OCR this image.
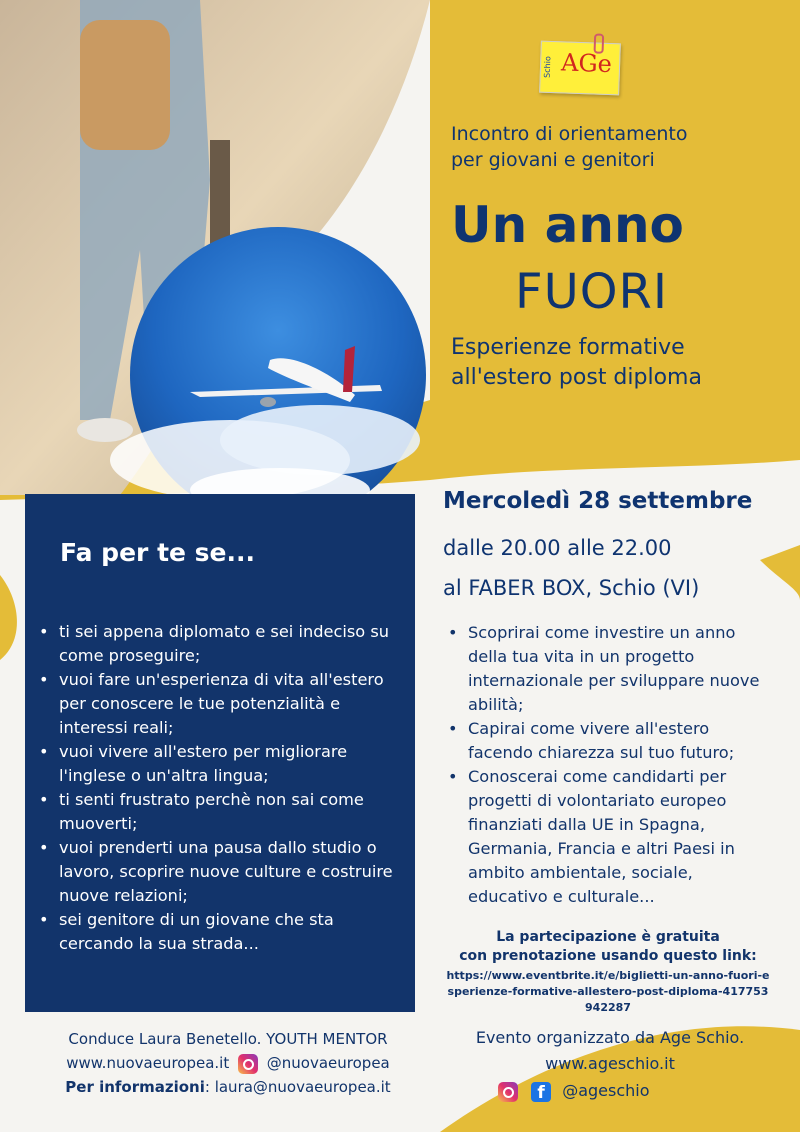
AGe
Schio
Incontro di orientamento
per giovani e genitori
Un anno
FUORI
Esperienze formative
all'estero post diploma
Mercoledì 28 settembre
dalle 20.00 alle 22.00
al FABER BOX, Schio (VI)
Fa per te se...
• ti sei appena diplomato e sei indeciso su come proseguire;
• vuoi fare un'esperienza di vita all'estero per conoscere le tue potenzialità e interessi reali;
• vuoi vivere all'estero per migliorare l'inglese o un'altra lingua;
• ti senti frustrato perchè non sai come muoverti;
• vuoi prenderti una pausa dallo studio o lavoro, scoprire nuove culture e costruire nuove relazioni;
• sei genitore di un giovane che sta cercando la sua strada...
• Scoprirai come investire un anno della tua vita in un progetto internazionale per sviluppare nuove abilità;
• Capirai come vivere all'estero facendo chiarezza sul tuo futuro;
• Conoscerai come candidarti per progetti di volontariato europeo finanziati dalla UE in Spagna, Germania, Francia e altri Paesi in ambito ambientale, sociale, educativo e culturale...
La partecipazione è gratuita
con prenotazione usando questo link:
https://www.eventbrite.it/e/biglietti-un-anno-fuori-esperienze-formative-allestero-post-diploma-417753942287
Conduce Laura Benetello. YOUTH MENTOR
www.nuovaeuropea.it	@nuovaeuropea
Per informazioni: laura@nuovaeuropea.it
Evento organizzato da Age Schio.
www.ageschio.it
f @ageschio
